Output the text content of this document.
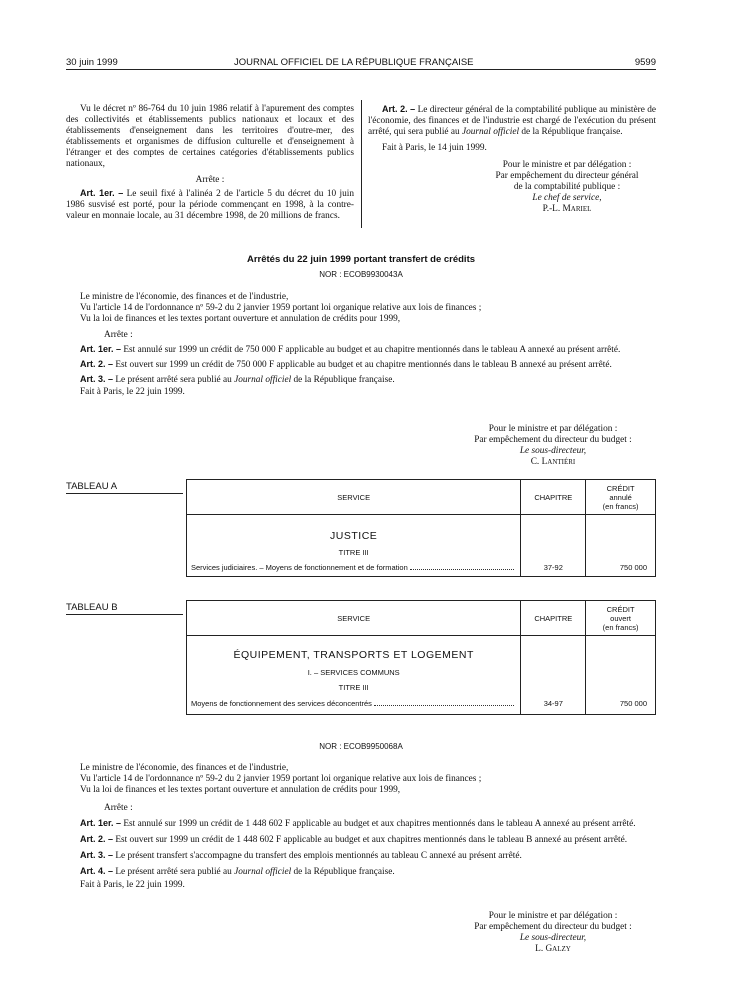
30 juin 1999	JOURNAL OFFICIEL DE LA RÉPUBLIQUE FRANÇAISE	9599

Vu le décret nº 86-764 du 10 juin 1986 relatif à l'apurement des comptes des collectivités et établissements publics nationaux et locaux et des établissements d'enseignement dans les territoires d'outre-mer, des établissements et organismes de diffusion culturelle et d'enseignement à l'étranger et des comptes de certaines catégories d'établissements publics nationaux,

Arrête :

Art. 1er. – Le seuil fixé à l'alinéa 2 de l'article 5 du décret du 10 juin 1986 susvisé est porté, pour la période commençant en 1998, à la contre-valeur en monnaie locale, au 31 décembre 1998, de 20 millions de francs.

Art. 2. – Le directeur général de la comptabilité publique au ministère de l'économie, des finances et de l'industrie est chargé de l'exécution du présent arrêté, qui sera publié au Journal officiel de la République française.

Fait à Paris, le 14 juin 1999.

Pour le ministre et par délégation :

Par empêchement du directeur général

de la comptabilité publique :

Le chef de service,

P.-L. Mariel

Arrêtés du 22 juin 1999 portant transfert de crédits
NOR : ECOB9930043A

Le ministre de l'économie, des finances et de l'industrie,

Vu l'article 14 de l'ordonnance nº 59-2 du 2 janvier 1959 portant loi organique relative aux lois de finances ;

Vu la loi de finances et les textes portant ouverture et annulation de crédits pour 1999,

Arrête :

Art. 1er. – Est annulé sur 1999 un crédit de 750 000 F applicable au budget et au chapitre mentionnés dans le tableau A annexé au présent arrêté.

Art. 2. – Est ouvert sur 1999 un crédit de 750 000 F applicable au budget et au chapitre mentionnés dans le tableau B annexé au présent arrêté.

Art. 3. – Le présent arrêté sera publié au Journal officiel de la République française.

Fait à Paris, le 22 juin 1999.

Pour le ministre et par délégation :

Par empêchement du directeur du budget :

Le sous-directeur,

C. Lantiéri

TABLEAU A
SERVICE	CHAPITRE	CRÉDIT
annulé
(en francs)

JUSTICE
TITRE III
Services judiciaires. – Moyens de fonctionnement et de formation	37-92	750 000
TABLEAU B
SERVICE	CHAPITRE	CRÉDIT
ouvert
(en francs)

ÉQUIPEMENT, TRANSPORTS ET LOGEMENT
I. – SERVICES COMMUNS
TITRE III
Moyens de fonctionnement des services déconcentrés	34-97	750 000
NOR : ECOB9950068A

Le ministre de l'économie, des finances et de l'industrie,

Vu l'article 14 de l'ordonnance nº 59-2 du 2 janvier 1959 portant loi organique relative aux lois de finances ;

Vu la loi de finances et les textes portant ouverture et annulation de crédits pour 1999,

Arrête :

Art. 1er. – Est annulé sur 1999 un crédit de 1 448 602 F applicable au budget et aux chapitres mentionnés dans le tableau A annexé au présent arrêté.

Art. 2. – Est ouvert sur 1999 un crédit de 1 448 602 F applicable au budget et aux chapitres mentionnés dans le tableau B annexé au présent arrêté.

Art. 3. – Le présent transfert s'accompagne du transfert des emplois mentionnés au tableau C annexé au présent arrêté.

Art. 4. – Le présent arrêté sera publié au Journal officiel de la République française.

Fait à Paris, le 22 juin 1999.

Pour le ministre et par délégation :

Par empêchement du directeur du budget :

Le sous-directeur,

L. Galzy
